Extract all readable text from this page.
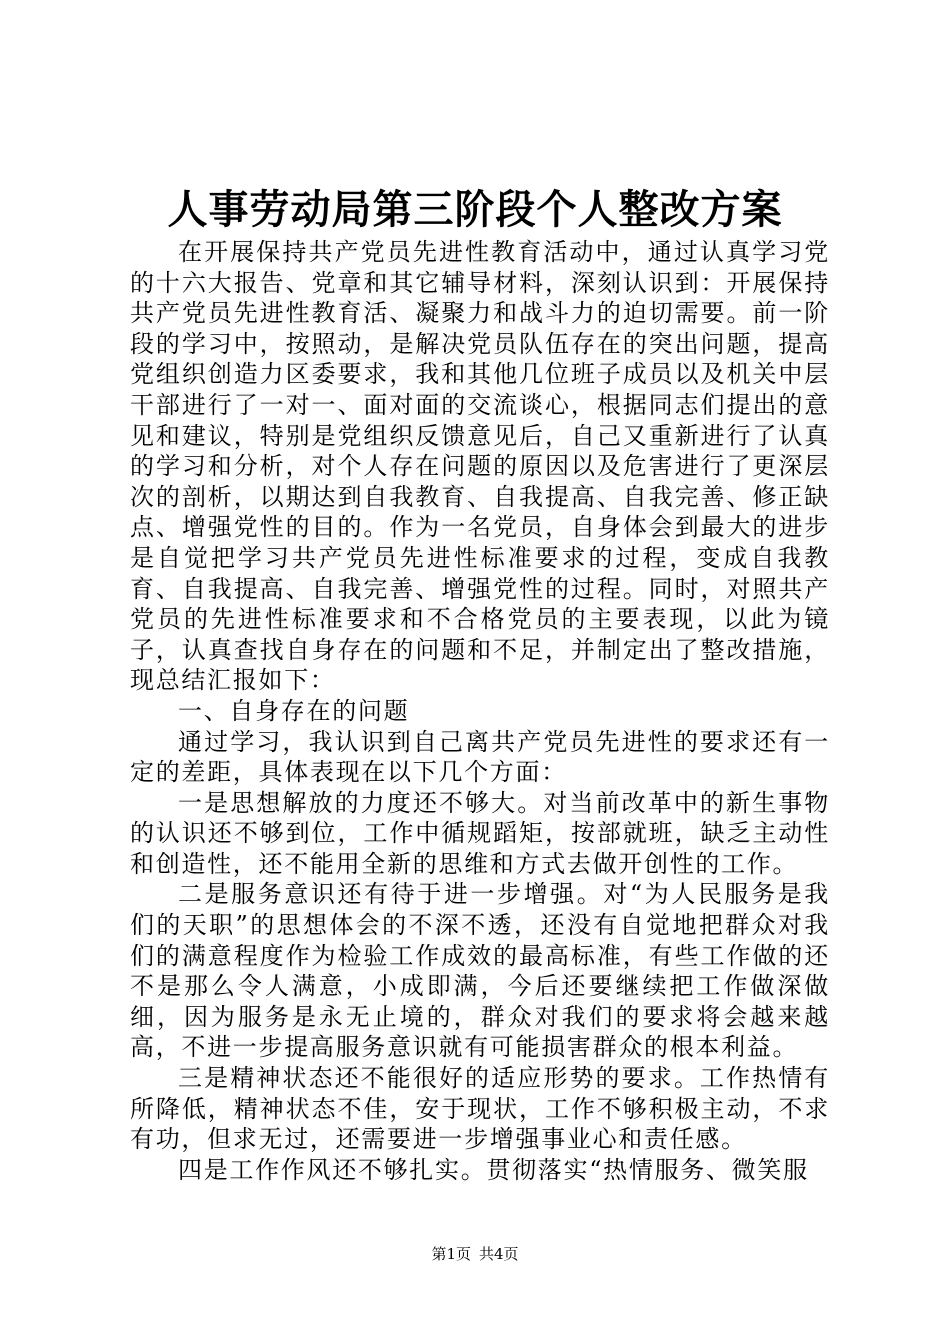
人事劳动局第三阶段个人整改方案

在开展保持共产党员先进性教育活动中，通过认真学习党的十六大报告、党章和其它辅导材料，深刻认识到：开展保持共产党员先进性教育活、凝聚力和战斗力的迫切需要。前一阶段的学习中，按照动，是解决党员队伍存在的突出问题，提高党组织创造力区委要求，我和其他几位班子成员以及机关中层干部进行了一对一、面对面的交流谈心，根据同志们提出的意见和建议，特别是党组织反馈意见后，自己又重新进行了认真的学习和分析，对个人存在问题的原因以及危害进行了更深层次的剖析，以期达到自我教育、自我提高、自我完善、修正缺点、增强党性的目的。作为一名党员，自身体会到最大的进步是自觉把学习共产党员先进性标准要求的过程，变成自我教育、自我提高、自我完善、增强党性的过程。同时，对照共产党员的先进性标准要求和不合格党员的主要表现，以此为镜子，认真查找自身存在的问题和不足，并制定出了整改措施，现总结汇报如下：

一、自身存在的问题

通过学习，我认识到自己离共产党员先进性的要求还有一定的差距，具体表现在以下几个方面：

一是思想解放的力度还不够大。对当前改革中的新生事物的认识还不够到位，工作中循规蹈矩，按部就班，缺乏主动性和创造性，还不能用全新的思维和方式去做开创性的工作。

二是服务意识还有待于进一步增强。对“为人民服务是我们的天职”的思想体会的不深不透，还没有自觉地把群众对我们的满意程度作为检验工作成效的最高标准，有些工作做的还不是那么令人满意，小成即满，今后还要继续把工作做深做细，因为服务是永无止境的，群众对我们的要求将会越来越高，不进一步提高服务意识就有可能损害群众的根本利益。

三是精神状态还不能很好的适应形势的要求。工作热情有所降低，精神状态不佳，安于现状，工作不够积极主动，不求有功，但求无过，还需要进一步增强事业心和责任感。

四是工作作风还不够扎实。贯彻落实“热情服务、微笑服

第1页 共4页
